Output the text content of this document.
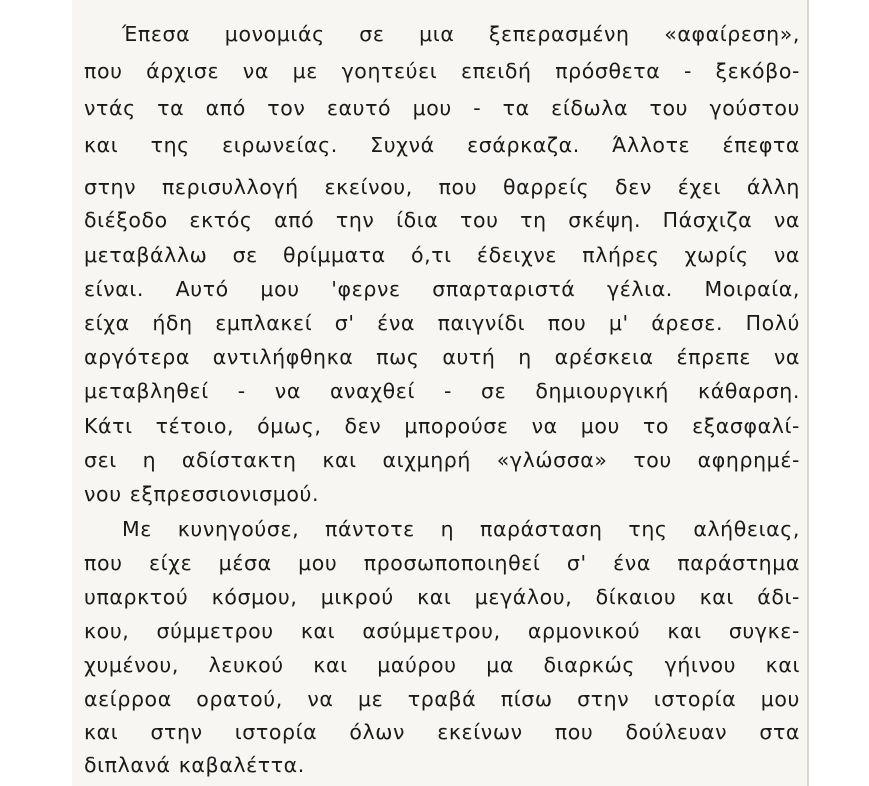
Έπεσα μονομιάς σε μια ξεπερασμένη «αφαίρεση»,
που άρχισε να με γοητεύει επειδή πρόσθετα - ξεκόβο-
ντάς τα από τον εαυτό μου - τα είδωλα του γούστου
και της ειρωνείας. Συχνά εσάρκαζα. Άλλοτε έπεφτα
στην περισυλλογή εκείνου, που θαρρείς δεν έχει άλλη
διέξοδο εκτός από την ίδια του τη σκέψη. Πάσχιζα να
μεταβάλλω σε θρίμματα ό,τι έδειχνε πλήρες χωρίς να
είναι. Αυτό μου 'φερνε σπαρταριστά γέλια. Μοιραία,
είχα ήδη εμπλακεί σ' ένα παιγνίδι που μ' άρεσε. Πολύ
αργότερα αντιλήφθηκα πως αυτή η αρέσκεια έπρεπε να
μεταβληθεί - να αναχθεί - σε δημιουργική κάθαρση.
Κάτι τέτοιο, όμως, δεν μπορούσε να μου το εξασφαλί-
σει η αδίστακτη και αιχμηρή «γλώσσα» του αφηρημέ-
νου εξπρεσσιονισμού.
Με κυνηγούσε, πάντοτε η παράσταση της αλήθειας,
που είχε μέσα μου προσωποποιηθεί σ' ένα παράστημα
υπαρκτού κόσμου, μικρού και μεγάλου, δίκαιου και άδι-
κου, σύμμετρου και ασύμμετρου, αρμονικού και συγκε-
χυμένου, λευκού και μαύρου μα διαρκώς γήινου και
αείρροα ορατού, να με τραβά πίσω στην ιστορία μου
και στην ιστορία όλων εκείνων που δούλευαν στα
διπλανά καβαλέττα.
